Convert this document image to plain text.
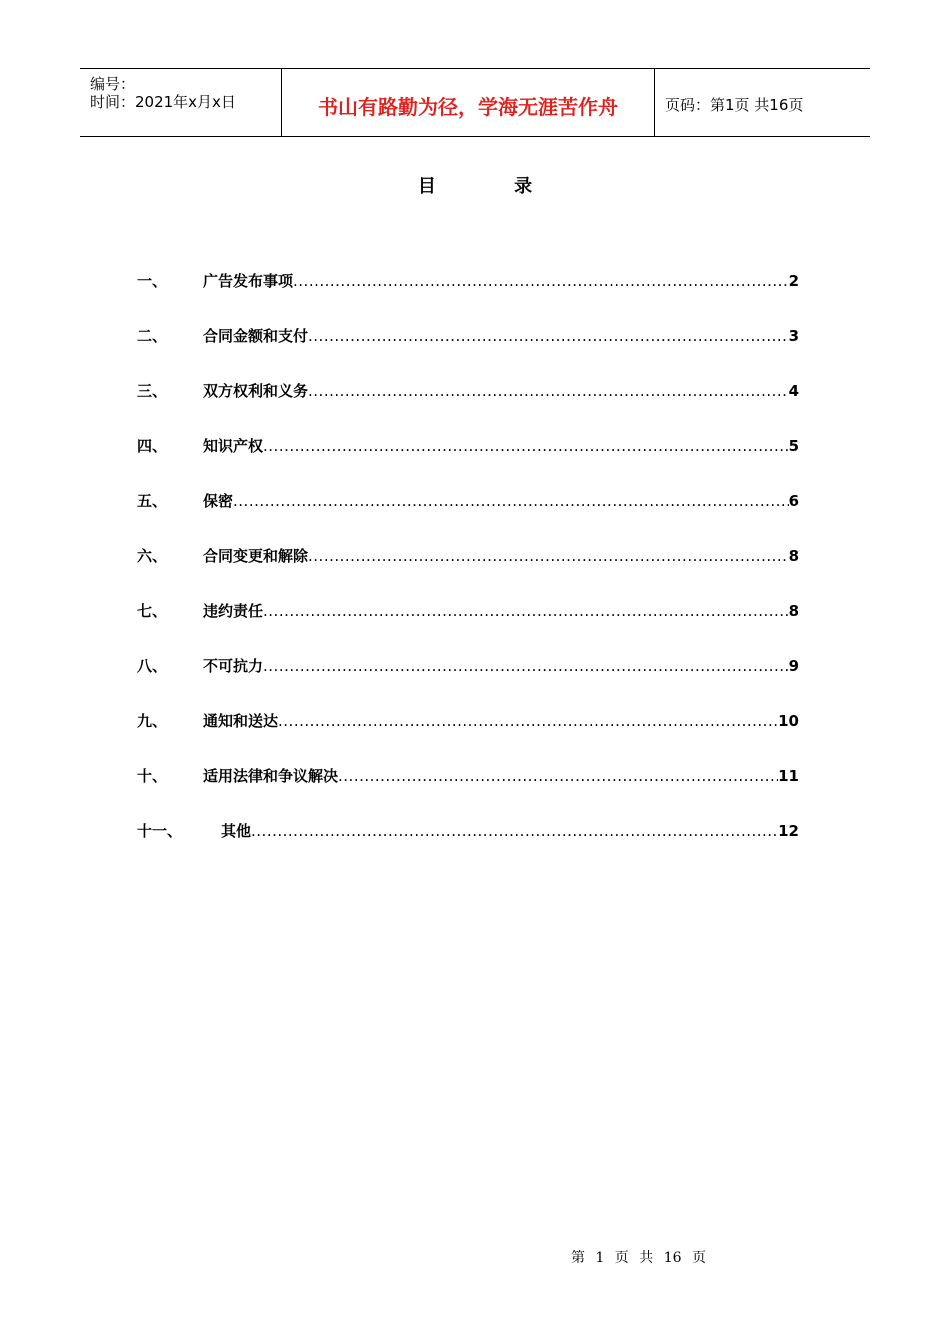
编号：
时间：2021年x月x日	书山有路勤为径，学海无涯苦作舟	页码：第1页 共16页
目 录
一、 广告发布事项 .....	2
二、 合同金额和支付 .....	3
三、 双方权利和义务 .....	4
四、 知识产权 .....	5
五、 保密 .....	6
六、 合同变更和解除 .....	8
七、 违约责任 .....	8
八、 不可抗力 .....	9
九、 通知和送达 .....	10
十、 适用法律和争议解决 .....	11
十一、	其他 .....	12
第 1 页 共 16 页
